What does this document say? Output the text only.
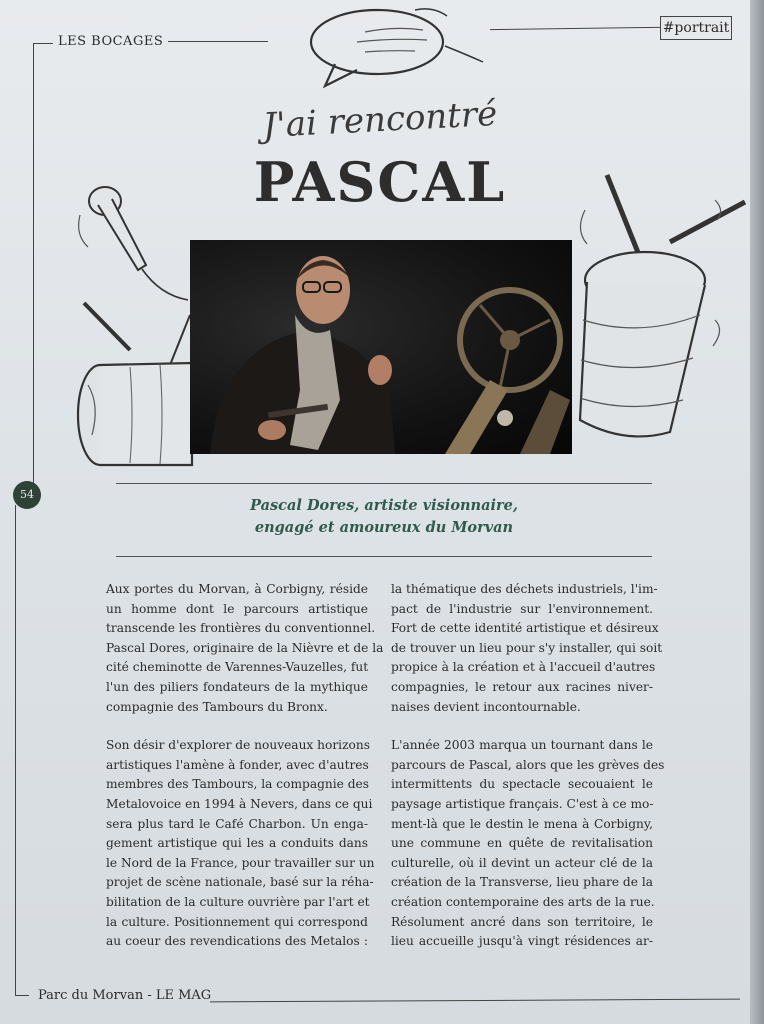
LES BOCAGES
#portrait
J'ai rencontré
PASCAL
54
Pascal Dores, artiste visionnaire,
engagé et amoureux du Morvan

Aux portes du Morvan, à Corbigny, réside
un homme dont le parcours artistique
transcende les frontières du conventionnel.
Pascal Dores, originaire de la Nièvre et de la
cité cheminotte de Varennes-Vauzelles, fut
l'un des piliers fondateurs de la mythique
compagnie des Tambours du Bronx.

Son désir d'explorer de nouveaux horizons
artistiques l'amène à fonder, avec d'autres
membres des Tambours, la compagnie des
Metalovoice en 1994 à Nevers, dans ce qui
sera plus tard le Café Charbon. Un enga-
gement artistique qui les a conduits dans
le Nord de la France, pour travailler sur un
projet de scène nationale, basé sur la réha-
bilitation de la culture ouvrière par l'art et
la culture. Positionnement qui correspond
au coeur des revendications des Metalos :

la thématique des déchets industriels, l'im-
pact de l'industrie sur l'environnement.
Fort de cette identité artistique et désireux
de trouver un lieu pour s'y installer, qui soit
propice à la création et à l'accueil d'autres
compagnies, le retour aux racines niver-
naises devient incontournable.

L'année 2003 marqua un tournant dans le
parcours de Pascal, alors que les grèves des
intermittents du spectacle secouaient le
paysage artistique français. C'est à ce mo-
ment-là que le destin le mena à Corbigny,
une commune en quête de revitalisation
culturelle, où il devint un acteur clé de la
création de la Transverse, lieu phare de la
création contemporaine des arts de la rue.
Résolument ancré dans son territoire, le
lieu accueille jusqu'à vingt résidences ar-

Parc du Morvan - LE MAG
